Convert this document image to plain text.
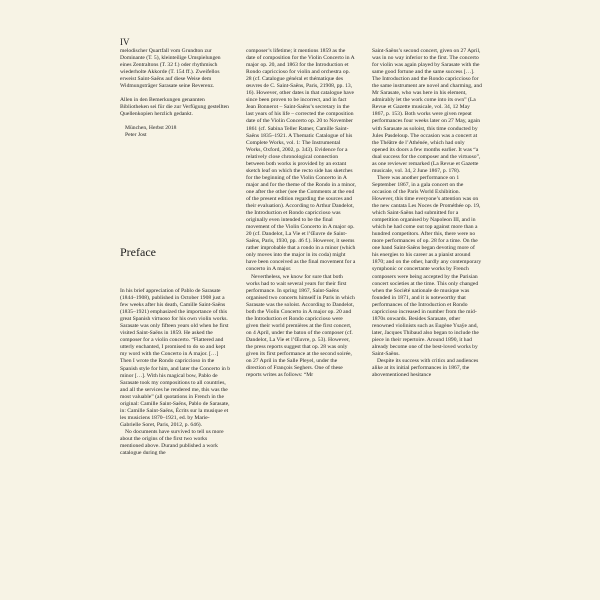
IV

melodischer Quartfall vom Grundton zur Dominante (T. 5), kleinteilige Umspielungen eines Zentraltons (T. 32 f.) oder rhythmisch wiederholte Akkorde (T. 154 ff.). Zweifellos erweist Saint-Saëns auf diese Weise dem Widmungsträger Sarasate seine Reverenz.

Allen in den Bemerkungen genannten Bibliotheken sei für die zur Verfügung gestellten Quellenkopien herzlich gedankt.

München, Herbst 2018

Peter Jost

Preface

In his brief appreciation of Pablo de Sarasate (1844–1908), published in October 1908 just a few weeks after his death, Camille Saint-Saëns (1835–1921) emphasized the importance of this great Spanish virtuoso for his own violin works. Sarasate was only fifteen years old when he first visited Saint-Saëns in 1859. He asked the composer for a violin concerto. “Flattered and utterly enchanted, I promised to do so and kept my word with the Concerto in A major. […] Then I wrote the Rondo capriccioso in the Spanish style for him, and later the Concerto in b minor […]. With his magical bow, Pablo de Sarasate took my compositions to all countries, and all the services he rendered me, this was the most valuable” (all quotations in French in the original: Camille Saint-Saëns, Pablo de Sarasate, in: Camille Saint-Saëns, Écrits sur la musique et les musiciens 1870–1921, ed. by Marie-Gabrielle Soret, Paris, 2012, p. 646).

No documents have survived to tell us more about the origins of the first two works mentioned above. Durand published a work catalogue during the

composer’s lifetime; it mentions 1859 as the date of composition for the Violin Concerto in A major op. 20, and 1863 for the Introduction et Rondo capriccioso for violin and orchestra op. 28 (cf. Catalogue général et thématique des œuvres de C. Saint-Saëns, Paris, 21908, pp. 13, 16). However, other dates in that catalogue have since been proven to be incorrect, and in fact Jean Bonnerot – Saint-Saëns’s secretary in the last years of his life – corrected the composition date of the Violin Concerto op. 20 to November 1861 (cf. Sabina Teller Ratner, Camille Saint-Saëns 1835–1921. A Thematic Catalogue of his Complete Works, vol. 1: The Instrumental Works, Oxford, 2002, p. 343). Evidence for a relatively close chronological connection between both works is provided by an extant sketch leaf on which the recto side has sketches for the beginning of the Violin Concerto in A major and for the theme of the Rondo in a minor, one after the other (see the Comments at the end of the present edition regarding the sources and their evaluation). According to Arthur Dandelot, the Introduction et Rondo capriccioso was originally even intended to be the final movement of the Violin Concerto in A major op. 20 (cf. Dandelot, La Vie et l’Œuvre de Saint-Saëns, Paris, 1930, pp. 46 f.). However, it seems rather improbable that a rondo in a minor (which only moves into the major in its coda) might have been conceived as the final movement for a concerto in A major.

Nevertheless, we know for sure that both works had to wait several years for their first performance. In spring 1867, Saint-Saëns organised two concerts himself in Paris in which Sarasate was the soloist. According to Dandelot, both the Violin Concerto in A major op. 20 and the Introduction et Rondo capriccioso were given their world premières at the first concert, on 4 April, under the baton of the composer (cf. Dandelot, La Vie et l’Œuvre, p. 53). However, the press reports suggest that op. 28 was only given its first performance at the second soirée, on 27 April in the Salle Pleyel, under the direction of François Seghers. One of these reports writes as follows: “Mr

Saint-Saëns’s second concert, given on 27 April, was in no way inferior to the first. The concerto for violin was again played by Sarasate with the same good fortune and the same success […]. The Introduction and the Rondo capriccioso for the same instrument are novel and charming, and Mr Sarasate, who was here in his element, admirably let the work come into its own” (La Revue et Gazette musicale, vol. 34, 12 May 1867, p. 153). Both works were given repeat performances four weeks later on 27 May, again with Sarasate as soloist, this time conducted by Jules Pasdeloup. The occasion was a concert at the Théâtre de l’Athénée, which had only opened its doors a few months earlier. It was “a dual success for the composer and the virtuoso”, as one reviewer remarked (La Revue et Gazette musicale, vol. 34, 2 June 1867, p. 178).

There was another performance on 1 September 1867, in a gala concert on the occasion of the Paris World Exhibition. However, this time everyone’s attention was on the new cantata Les Noces de Prométhée op. 19, which Saint-Saëns had submitted for a competition organised by Napoleon III, and in which he had come out top against more than a hundred competitors. After this, there were no more performances of op. 28 for a time. On the one hand Saint-Saëns began devoting more of his energies to his career as a pianist around 1870; and on the other, hardly any contemporary symphonic or concertante works by French composers were being accepted by the Parisian concert societies at the time. This only changed when the Société nationale de musique was founded in 1871, and it is noteworthy that performances of the Introduction et Rondo capriccioso increased in number from the mid-1870s onwards. Besides Sarasate, other renowned violinists such as Eugène Ysaÿe and, later, Jacques Thibaud also began to include the piece in their repertoire. Around 1890, it had already become one of the best-loved works by Saint-Saëns.

Despite its success with critics and audiences alike at its initial performances in 1867, the abovementioned hesitance
